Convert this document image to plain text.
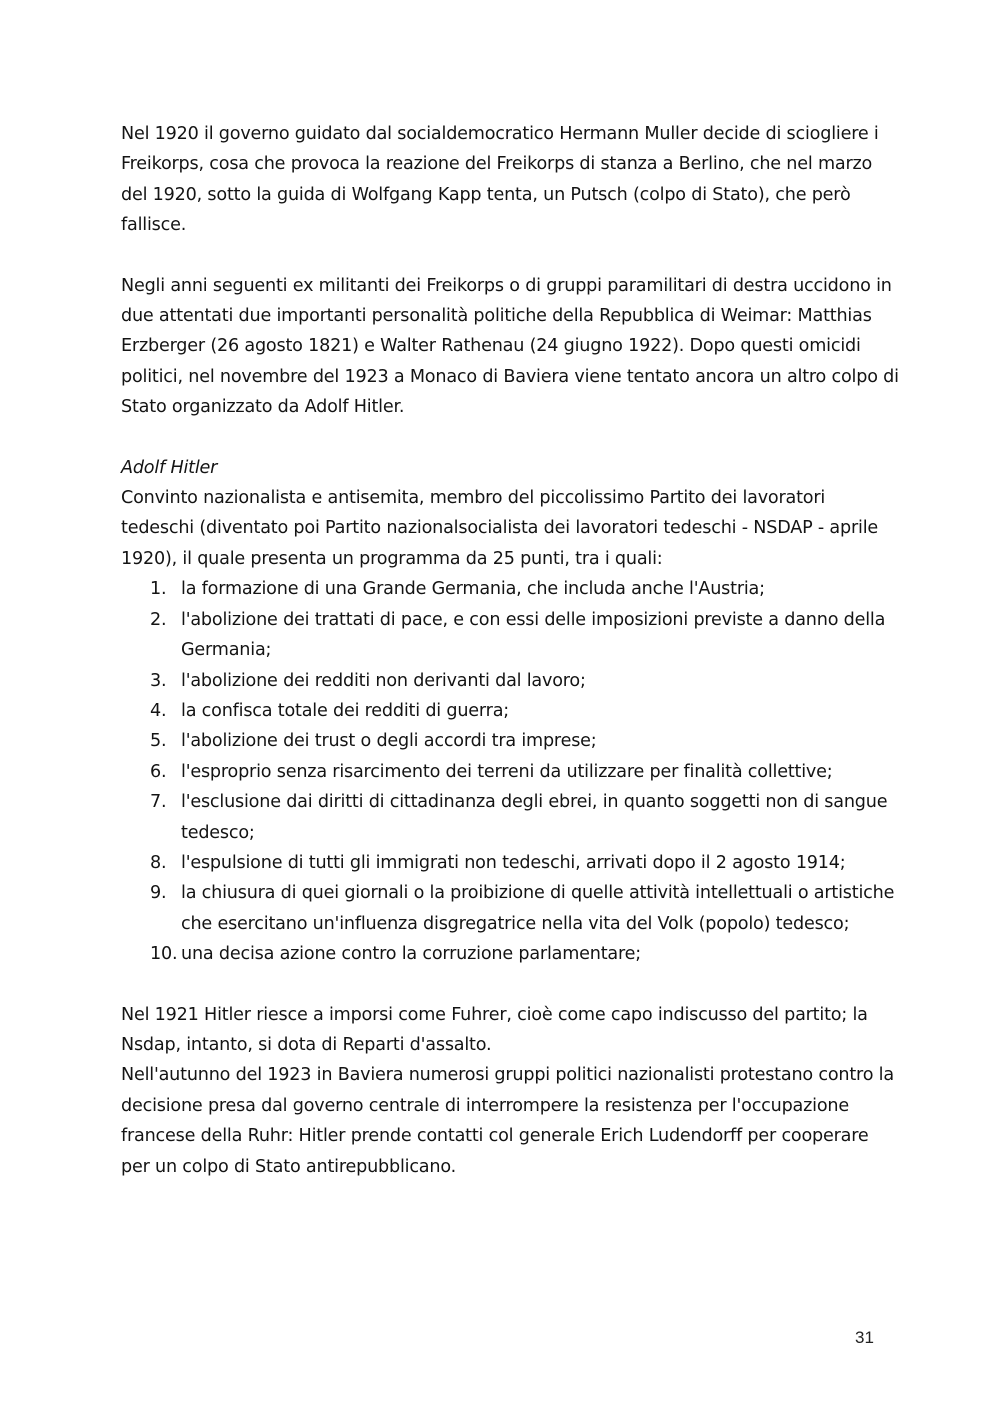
Nel 1920 il governo guidato dal socialdemocratico Hermann Muller decide di sciogliere i Freikorps, cosa che provoca la reazione del Freikorps di stanza a Berlino, che nel marzo del 1920, sotto la guida di Wolfgang Kapp tenta, un Putsch (colpo di Stato), che però fallisce.

Negli anni seguenti ex militanti dei Freikorps o di gruppi paramilitari di destra uccidono in due attentati due importanti personalità politiche della Repubblica di Weimar: Matthias Erzberger (26 agosto 1821) e Walter Rathenau (24 giugno 1922). Dopo questi omicidi politici, nel novembre del 1923 a Monaco di Baviera viene tentato ancora un altro colpo di Stato organizzato da Adolf Hitler.

Adolf Hitler

Convinto nazionalista e antisemita, membro del piccolissimo Partito dei lavoratori tedeschi (diventato poi Partito nazionalsocialista dei lavoratori tedeschi - NSDAP - aprile 1920), il quale presenta un programma da 25 punti, tra i quali:

1. la formazione di una Grande Germania, che includa anche l'Austria;
2. l'abolizione dei trattati di pace, e con essi delle imposizioni previste a danno della Germania;
3. l'abolizione dei redditi non derivanti dal lavoro;
4. la confisca totale dei redditi di guerra;
5. l'abolizione dei trust o degli accordi tra imprese;
6. l'esproprio senza risarcimento dei terreni da utilizzare per finalità collettive;
7. l'esclusione dai diritti di cittadinanza degli ebrei, in quanto soggetti non di sangue tedesco;
8. l'espulsione di tutti gli immigrati non tedeschi, arrivati dopo il 2 agosto 1914;
9. la chiusura di quei giornali o la proibizione di quelle attività intellettuali o artistiche che esercitano un'influenza disgregatrice nella vita del Volk (popolo) tedesco;
10. una decisa azione contro la corruzione parlamentare;

Nel 1921 Hitler riesce a imporsi come Fuhrer, cioè come capo indiscusso del partito; la Nsdap, intanto, si dota di Reparti d'assalto.

Nell'autunno del 1923 in Baviera numerosi gruppi politici nazionalisti protestano contro la decisione presa dal governo centrale di interrompere la resistenza per l'occupazione francese della Ruhr: Hitler prende contatti col generale Erich Ludendorff per cooperare per un colpo di Stato antirepubblicano.

31
